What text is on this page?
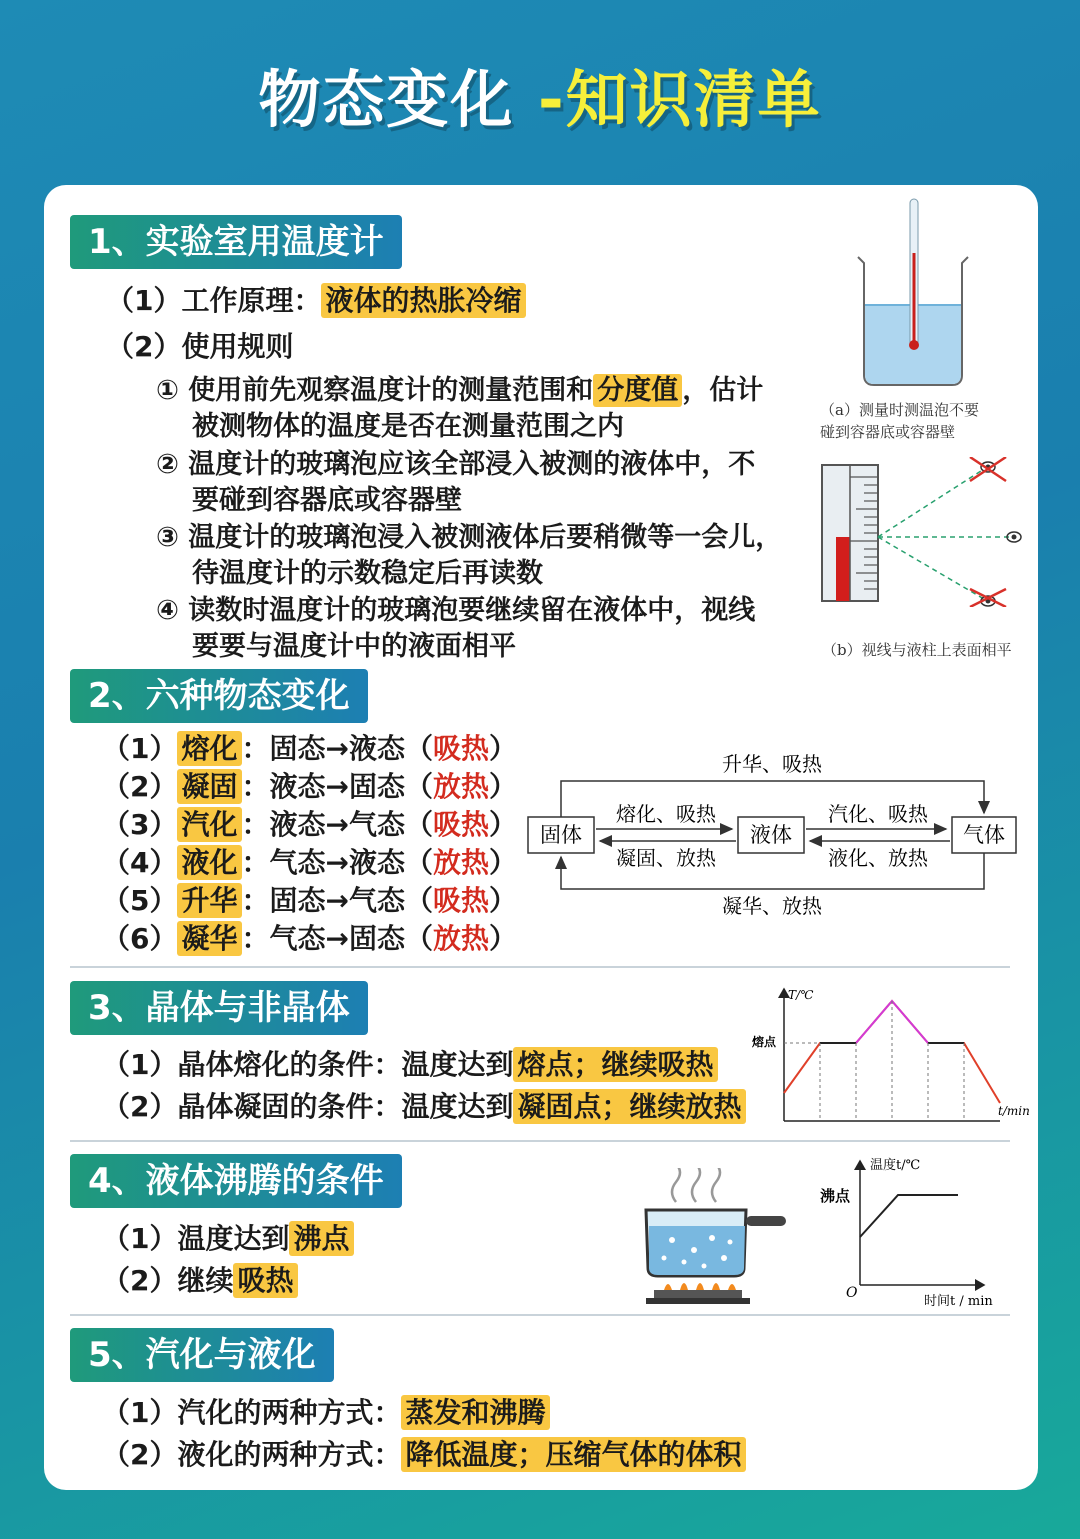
物态变化 -知识清单
1、实验室用温度计
（1）工作原理： 液体的热胀冷缩
（2）使用规则
① 使用前先观察温度计的测量范围和 分度值 ，估计
被测物体的温度是否在测量范围之内
② 温度计的玻璃泡应该全部浸入被测的液体中，不
要碰到容器底或容器壁
③ 温度计的玻璃泡浸入被测液体后要稍微等一会儿，
待温度计的示数稳定后再读数
④ 读数时温度计的玻璃泡要继续留在液体中，视线
要要与温度计中的液面相平
（a）测量时测温泡不要
碰到容器底或容器壁
（b）视线与液柱上表面相平
2、六种物态变化
（1） 熔化 ：固态→液态（吸热）
（2） 凝固 ：液态→固态（放热）
（3） 汽化 ：液态→气态（吸热）
（4） 液化 ：气态→液态（放热）
（5） 升华 ：固态→气态（吸热）
（6） 凝华 ：气态→固态（放热）
固体	液体	气体
升华、吸热
凝华、放热
熔化、吸热
凝固、放热
汽化、吸热
液化、放热
3、晶体与非晶体
（1）晶体熔化的条件：温度达到 熔点；继续吸热
（2）晶体凝固的条件：温度达到 凝固点；继续放热
T/℃
t/min
熔点
4、液体沸腾的条件
（1）温度达到 沸点
（2）继续 吸热
温度t/℃
时间t / min
沸点
O
5、汽化与液化
（1）汽化的两种方式： 蒸发和沸腾
（2）液化的两种方式： 降低温度；压缩气体的体积
